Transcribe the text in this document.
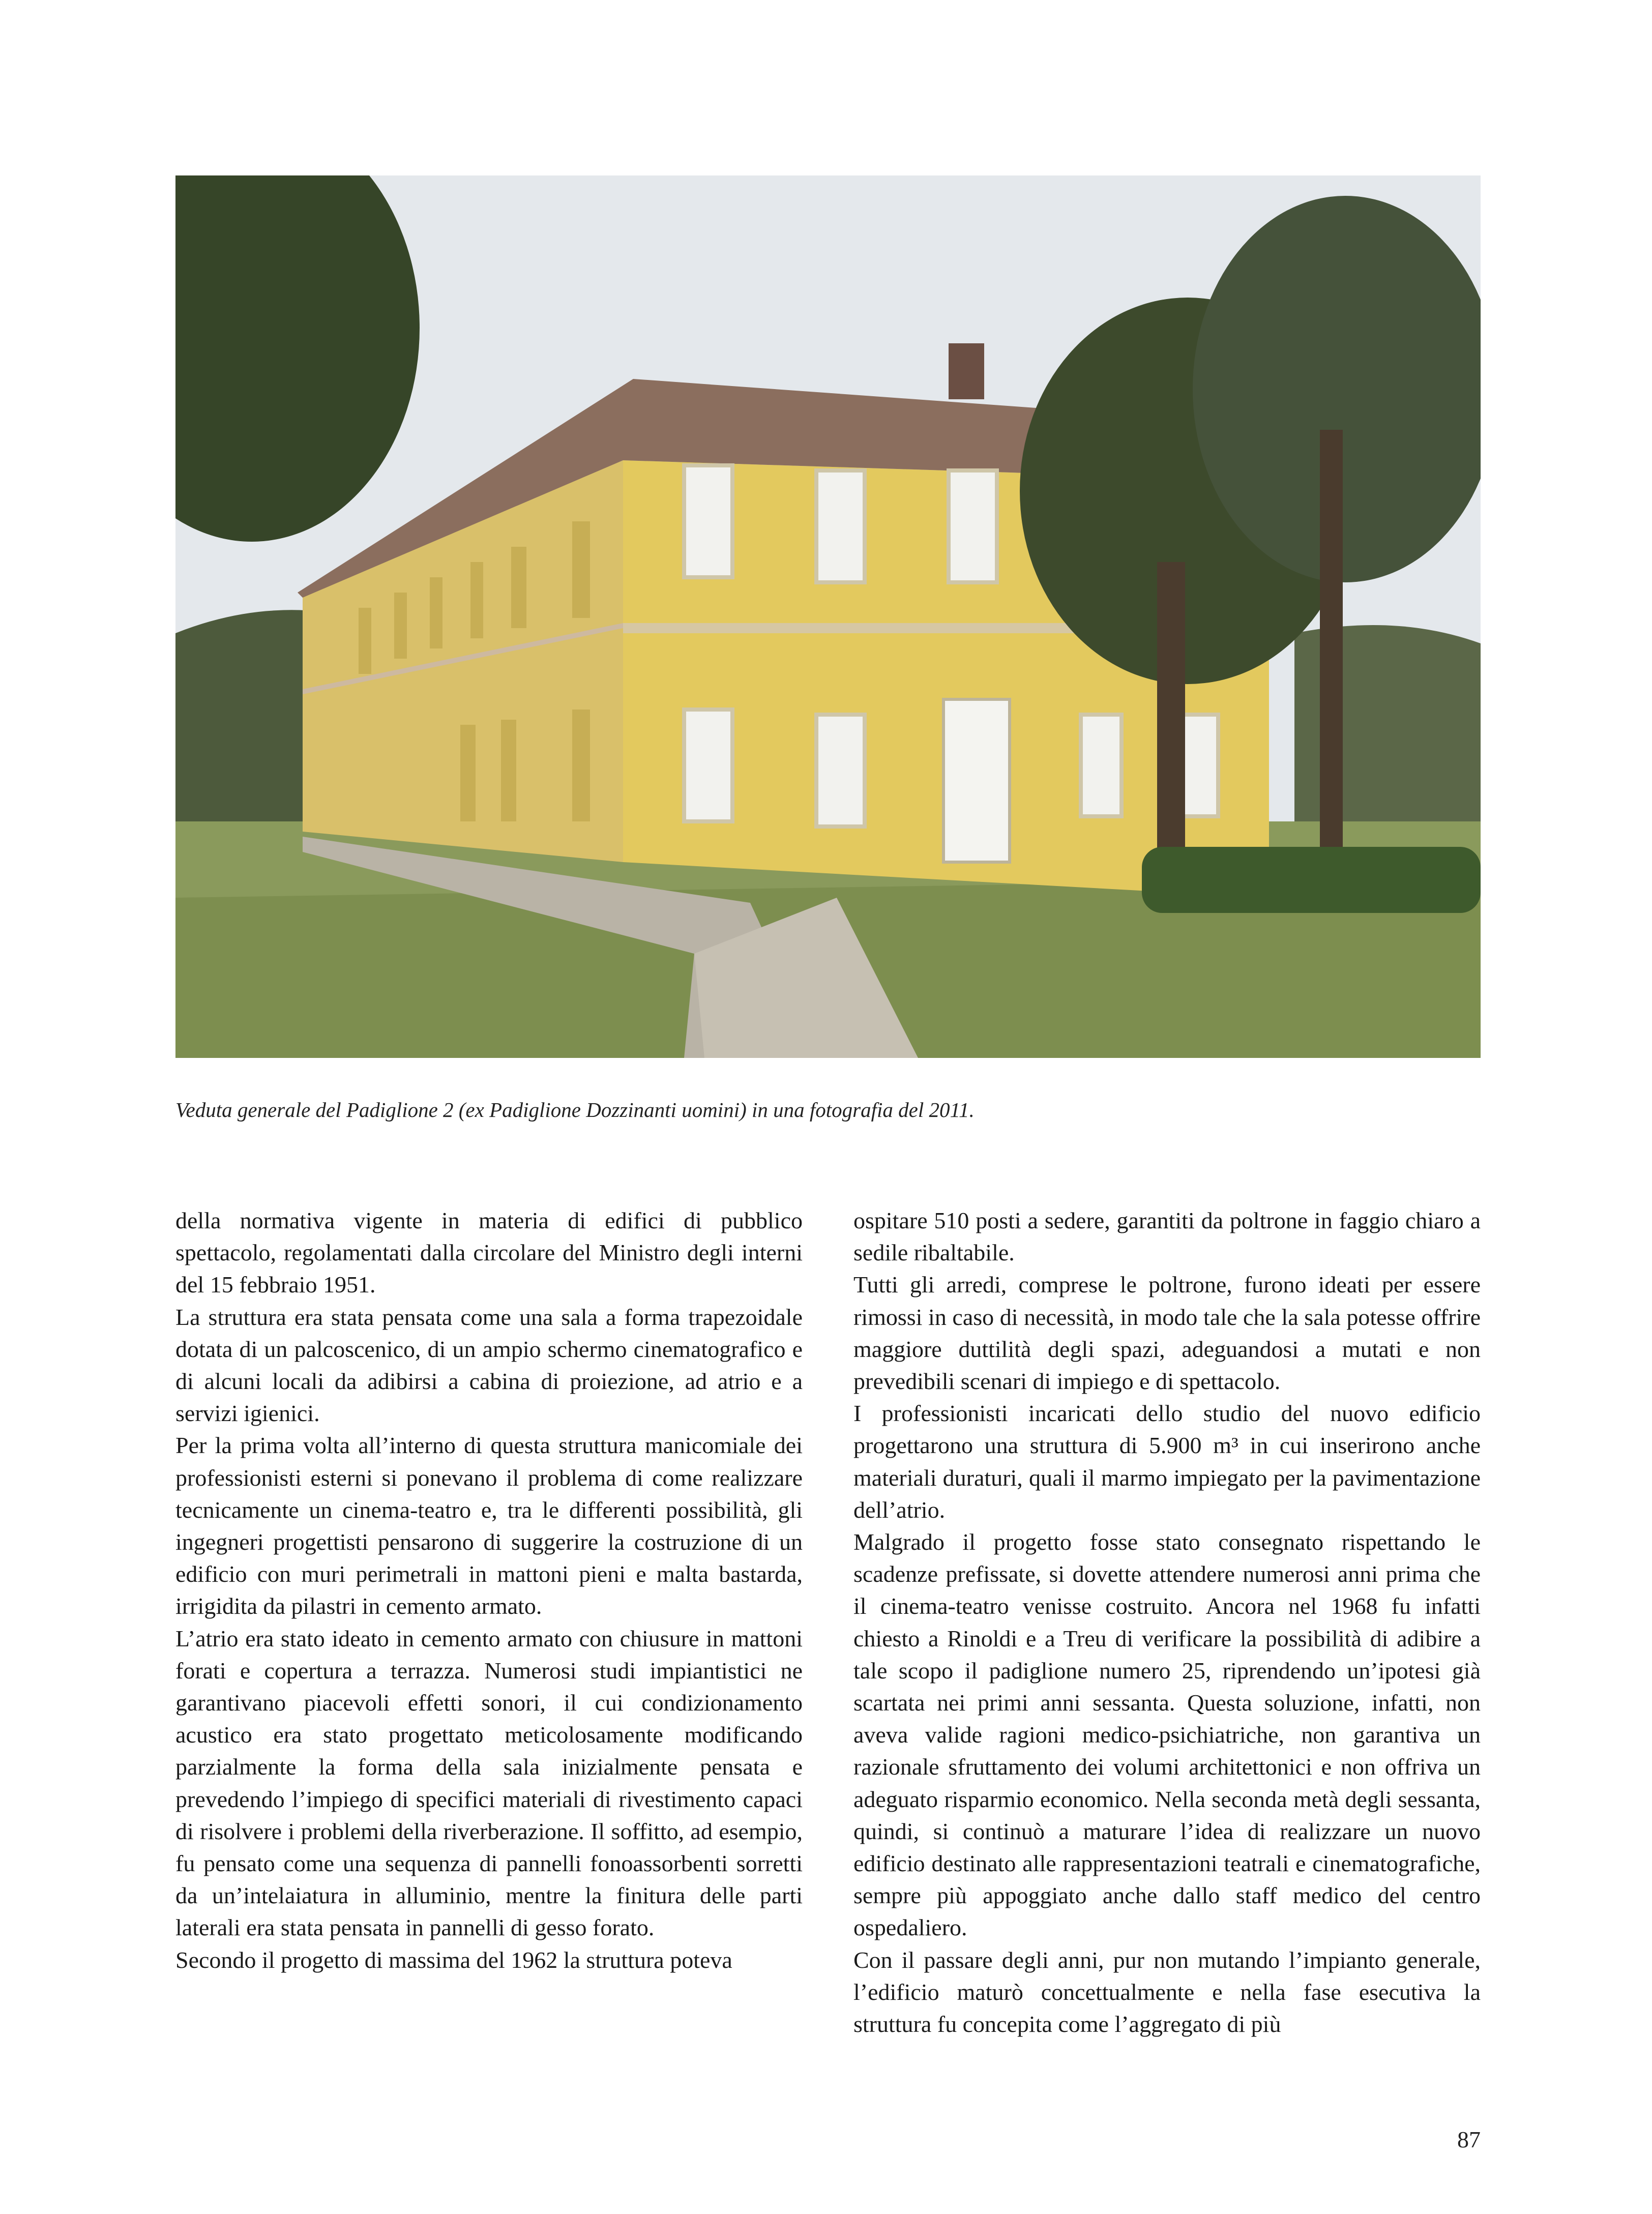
Veduta generale del Padiglione 2 (ex Padiglione Dozzinanti uomini) in una fotografia del 2011.

della normativa vigente in materia di edifici di pubblico spettacolo, regolamentati dalla circolare del Ministro degli interni del 15 febbraio 1951.

La struttura era stata pensata come una sala a forma trapezoidale dotata di un palcoscenico, di un ampio schermo cinematografico e di alcuni locali da adibirsi a cabina di proiezione, ad atrio e a servizi igienici.

Per la prima volta all’interno di questa struttura manicomiale dei professionisti esterni si ponevano il problema di come realizzare tecnicamente un cinema-teatro e, tra le differenti possibilità, gli ingegneri progettisti pensarono di suggerire la costruzione di un edificio con muri perimetrali in mattoni pieni e malta bastarda, irrigidita da pilastri in cemento armato.

L’atrio era stato ideato in cemento armato con chiusure in mattoni forati e copertura a terrazza. Numerosi studi impiantistici ne garantivano piacevoli effetti sonori, il cui condizionamento acustico era stato progettato meticolosamente modificando parzialmente la forma della sala inizialmente pensata e prevedendo l’impiego di specifici materiali di rivestimento capaci di risolvere i problemi della riverberazione. Il soffitto, ad esempio, fu pensato come una sequenza di pannelli fonoassorbenti sorretti da un’intelaiatura in alluminio, mentre la finitura delle parti laterali era stata pensata in pannelli di gesso forato.

Secondo il progetto di massima del 1962 la struttura poteva

ospitare 510 posti a sedere, garantiti da poltrone in faggio chiaro a sedile ribaltabile.

Tutti gli arredi, comprese le poltrone, furono ideati per essere rimossi in caso di necessità, in modo tale che la sala potesse offrire maggiore duttilità degli spazi, adeguandosi a mutati e non prevedibili scenari di impiego e di spettacolo.

I professionisti incaricati dello studio del nuovo edificio progettarono una struttura di 5.900 m³ in cui inserirono anche materiali duraturi, quali il marmo impiegato per la pavimentazione dell’atrio.

Malgrado il progetto fosse stato consegnato rispettando le scadenze prefissate, si dovette attendere numerosi anni prima che il cinema-teatro venisse costruito. Ancora nel 1968 fu infatti chiesto a Rinoldi e a Treu di verificare la possibilità di adibire a tale scopo il padiglione numero 25, riprendendo un’ipotesi già scartata nei primi anni sessanta. Questa soluzione, infatti, non aveva valide ragioni medico-psichiatriche, non garantiva un razionale sfruttamento dei volumi architettonici e non offriva un adeguato risparmio economico. Nella seconda metà degli sessanta, quindi, si continuò a maturare l’idea di realizzare un nuovo edificio destinato alle rappresentazioni teatrali e cinematografiche, sempre più appoggiato anche dallo staff medico del centro ospedaliero.

Con il passare degli anni, pur non mutando l’impianto generale, l’edificio maturò concettualmente e nella fase esecutiva la struttura fu concepita come l’aggregato di più

87
